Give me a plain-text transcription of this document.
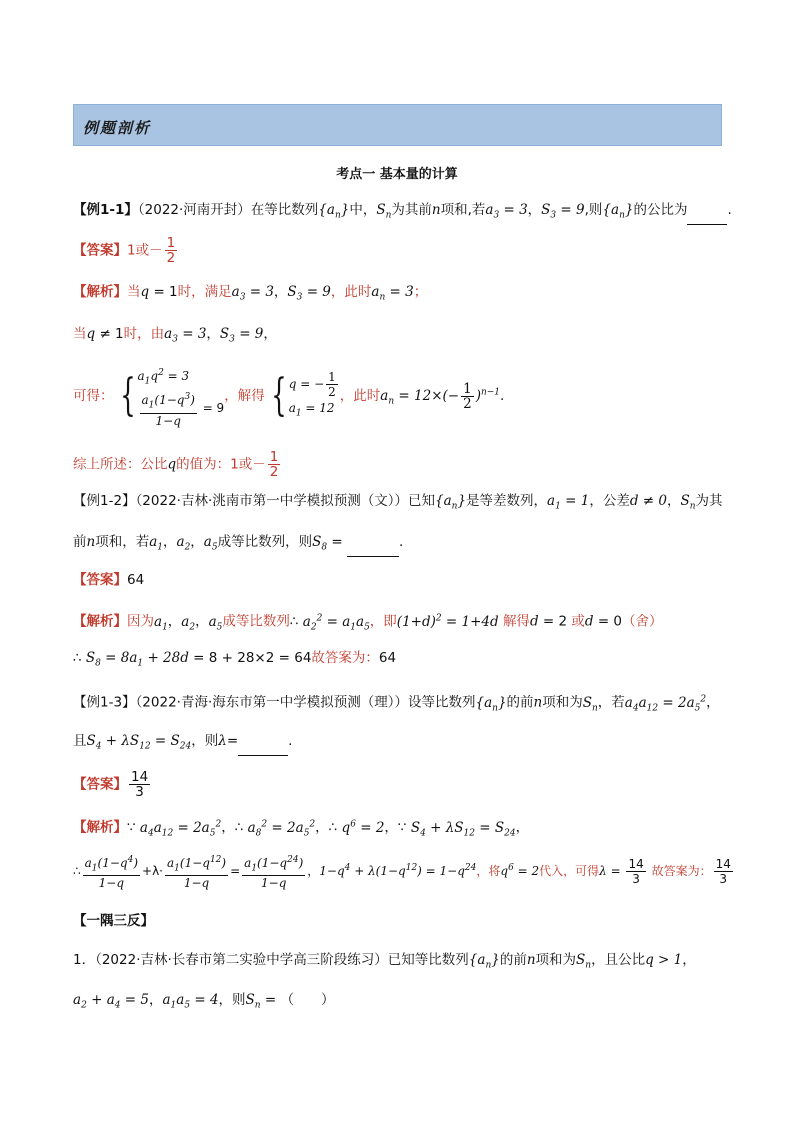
例题剖析
考点一 基本量的计算
【例1-1】（2022·河南开封）在等比数列$\{a_n\}$中，$S_n$为其前n项和,若$a_3 = 3$，$S_3 = 9$,则$\{a_n\}$的公比为	.
【答案】1或－ $\frac{1}{2}$
【解析】当q = 1时，满足$a_3 = 3$，$S_3 = 9$，此时$a_n = 3$；
当q ≠ 1时，由$a_3 = 3$，$S_3 = 9$，
可得： { $a_1q^2 = 3$
$\frac{a_1(1-q^3)}{1-q} = 9$
，解得 { q = − $\frac{1}{2}$
$a_1 = 12$
，此时$a_n = 12\times(- \frac{1}{2} )^{n-1}$.
综上所述：公比q的值为：1或－ $\frac{1}{2}$
【例1-2】（2022·吉林·洮南市第一中学模拟预测（文））已知$\{a_n\}$是等差数列，$a_1 = 1$，公差d ≠ 0，$S_n$为其
前n项和，若$a_1$，$a_2$，$a_5$成等比数列，则$S_8$ =	.
【答案】64
【解析】因为$a_1$，$a_2$，$a_5$成等比数列∴ $a_2^2 = a_1a_5$，即$(1+d)^2 = 1+4d$ 解得d = 2 或d = 0（舍）
∴ $S_8 = 8a_1 + 28d = 8 + 28\times 2 = 64$故答案为：64
【例1-3】（2022·青海·海东市第一中学模拟预测（理））设等比数列$\{a_n\}$的前n项和为$S_n$，若$a_4a_{12} = 2a_5^2$，
且$S_4 + \lambda S_{12} = S_{24}$，则λ=	.
【答案】 $\frac{14}{3}$
【解析】∵ $a_4a_{12} = 2a_5^2$，∴ $a_8^2 = 2a_5^2$，∴ $q^6 = 2$，∵ $S_4 + \lambda S_{12} = S_{24}$，
∴ $\frac{a_1(1-q^4)}{1-q} +\lambda\cdot \frac{a_1(1-q^{12})}{1-q} = \frac{a_1(1-q^{24})}{1-q}$ ，$1-q^4 + \lambda(1-q^{12}) = 1-q^{24}$，将$q^6 = 2$代入，可得$\lambda = \frac{14}{3}$ 故答案为： $\frac{14}{3}$
【一隅三反】
1．（2022·吉林·长春市第二实验中学高三阶段练习）已知等比数列$\{a_n\}$的前n项和为$S_n$，且公比q > 1，
$a_2 + a_4 = 5$，$a_1a_5 = 4$，则$S_n$ = （　　）
